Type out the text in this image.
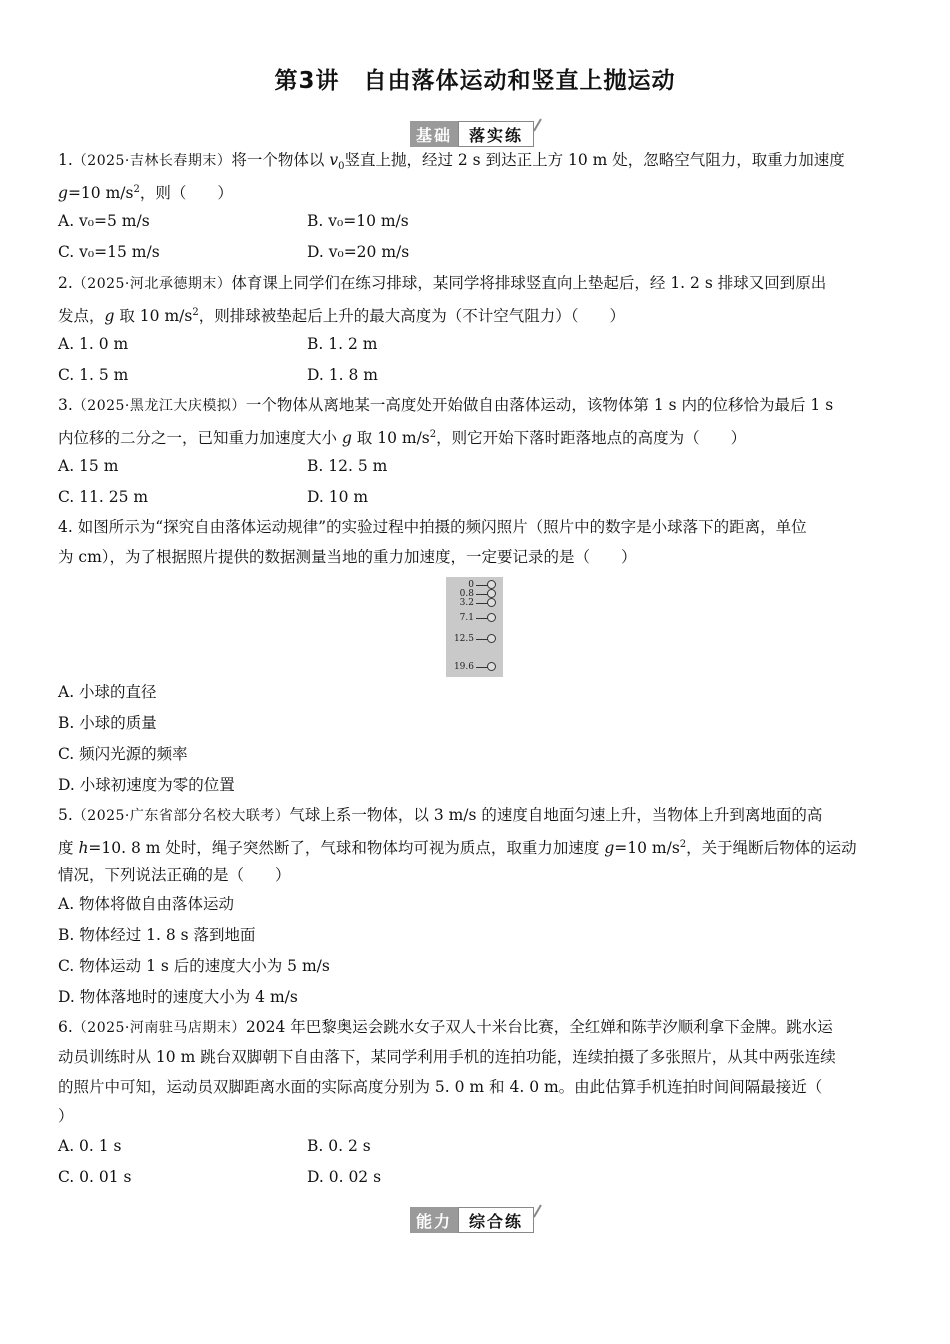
第3讲　自由落体运动和竖直上抛运动
基础	落实练
1.（2025·吉林长春期末）将一个物体以 $v_0$竖直上抛，经过 2 s 到达正上方 10 m 处，忽略空气阻力，取重力加速度
g=10 $m/s^2$，则（　　）
A. v₀=5 m/s	B. v₀=10 m/s
C. v₀=15 m/s	D. v₀=20 m/s
2.（2025·河北承德期末）体育课上同学们在练习排球，某同学将排球竖直向上垫起后，经 1. 2 s 排球又回到原出
发点，g 取 10 $m/s^2$，则排球被垫起后上升的最大高度为（不计空气阻力）（　　）
A. 1. 0 m	B. 1. 2 m
C. 1. 5 m	D. 1. 8 m
3.（2025·黑龙江大庆模拟）一个物体从离地某一高度处开始做自由落体运动，该物体第 1 s 内的位移恰为最后 1 s
内位移的二分之一，已知重力加速度大小 g 取 10 $m/s^2$，则它开始下落时距落地点的高度为（　　）
A. 15 m	B. 12. 5 m
C. 11. 25 m	D. 10 m
4. 如图所示为“探究自由落体运动规律”的实验过程中拍摄的频闪照片（照片中的数字是小球落下的距离，单位
为 cm），为了根据照片提供的数据测量当地的重力加速度，一定要记录的是（　　）
0
0.8
3.2
7.1
12.5
19.6
A. 小球的直径
B. 小球的质量
C. 频闪光源的频率
D. 小球初速度为零的位置
5.（2025·广东省部分名校大联考）气球上系一物体，以 3 m/s 的速度自地面匀速上升，当物体上升到离地面的高
度 h=10. 8 m 处时，绳子突然断了，气球和物体均可视为质点，取重力加速度 g=10 $m/s^2$，关于绳断后物体的运动
情况，下列说法正确的是（　　）
A. 物体将做自由落体运动
B. 物体经过 1. 8 s 落到地面
C. 物体运动 1 s 后的速度大小为 5 m/s
D. 物体落地时的速度大小为 4 m/s
6.（2025·河南驻马店期末）2024 年巴黎奥运会跳水女子双人十米台比赛，全红婵和陈芋汐顺利拿下金牌。跳水运
动员训练时从 10 m 跳台双脚朝下自由落下，某同学利用手机的连拍功能，连续拍摄了多张照片，从其中两张连续
的照片中可知，运动员双脚距离水面的实际高度分别为 5. 0 m 和 4. 0 m。由此估算手机连拍时间间隔最接近（
）
A. 0. 1 s	B. 0. 2 s
C. 0. 01 s	D. 0. 02 s
能力	综合练
